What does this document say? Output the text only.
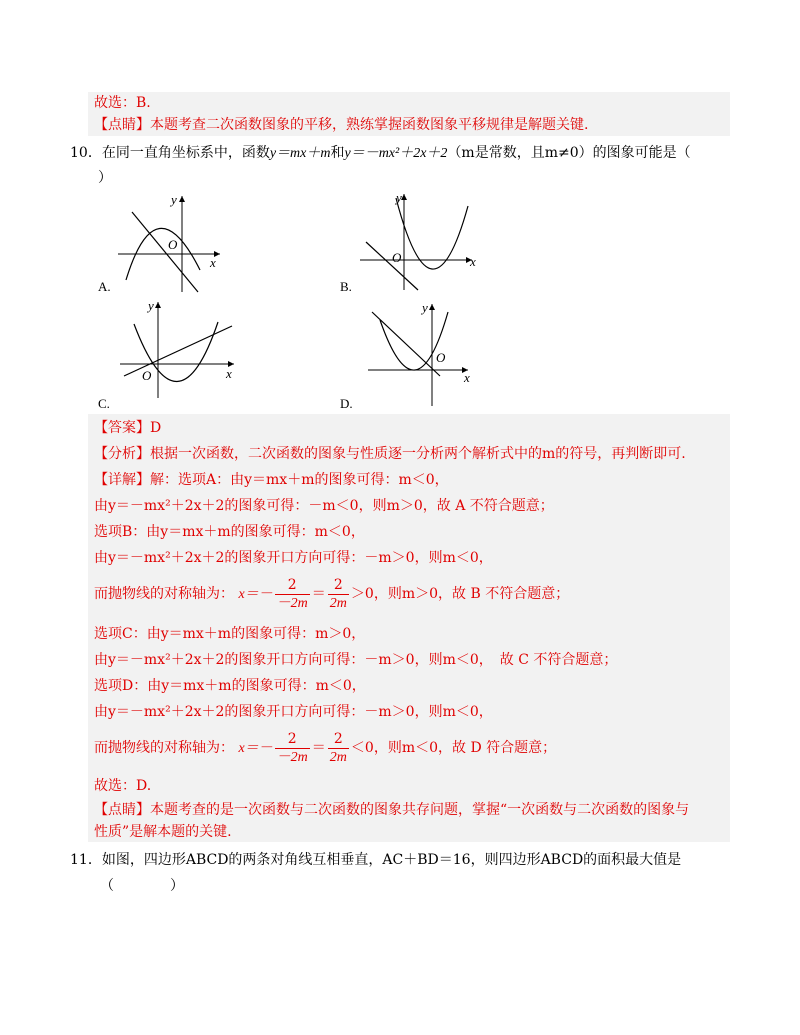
故选：B.
【点睛】本题考查二次函数图象的平移，熟练掌握函数图象平移规律是解题关键.
10．在同一直角坐标系中，函数y＝mx＋m和y＝－mx²＋2x＋2（m是常数，且m≠0）的图象可能是（
）
x
y
O
A.
x
y
O
B.
x
y
O
C.
x
y
O
D.
【答案】D
【分析】根据一次函数，二次函数的图象与性质逐一分析两个解析式中的m的符号，再判断即可.
【详解】解：选项A：由y＝mx＋m的图象可得：m＜0，
由y＝－mx²＋2x＋2的图象可得：－m＜0，则m＞0，故 A 不符合题意；
选项B：由y＝mx＋m的图象可得：m＜0，
由y＝－mx²＋2x＋2的图象开口方向可得：－m＞0，则m＜0，
而抛物线的对称轴为： $x=- \frac{2}{-2m} = \frac{2}{2m} >0$，则m＞0，故 B 不符合题意；
选项C：由y＝mx＋m的图象可得：m＞0，
由y＝－mx²＋2x＋2的图象开口方向可得：－m＞0，则m＜0，　故 C 不符合题意；
选项D：由y＝mx＋m的图象可得：m＜0，
由y＝－mx²＋2x＋2的图象开口方向可得：－m＞0，则m＜0，
而抛物线的对称轴为： $x=- \frac{2}{-2m} = \frac{2}{2m} <0$，则m＜0，故 D 符合题意；
故选：D.
【点睛】本题考查的是一次函数与二次函数的图象共存问题，掌握“一次函数与二次函数的图象与
性质”是解本题的关键.
11．如图，四边形ABCD的两条对角线互相垂直，AC＋BD＝16，则四边形ABCD的面积最大值是
（　　　　）
